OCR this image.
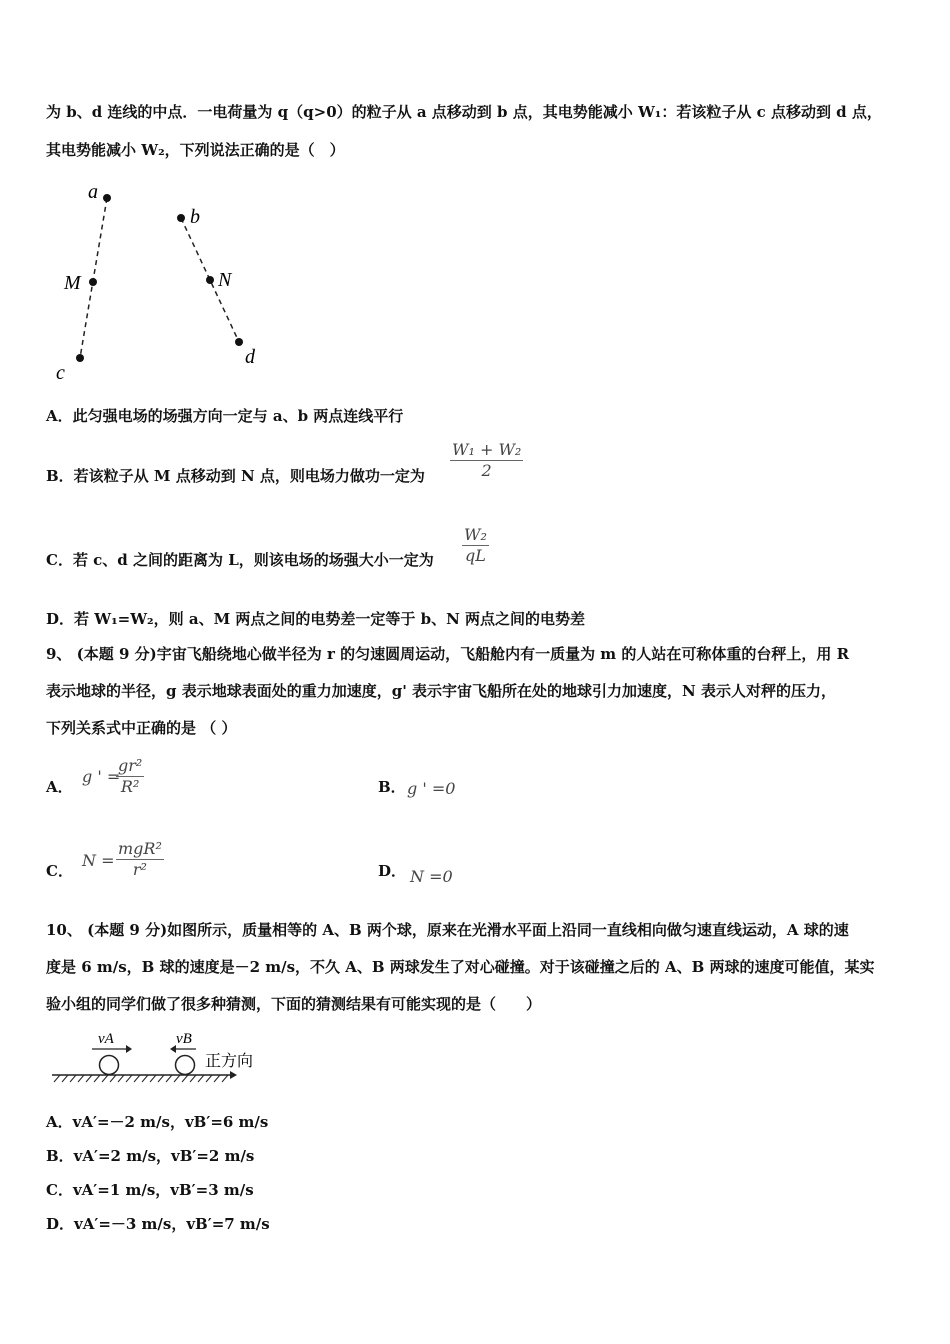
为 b、d 连线的中点．一电荷量为 q（q>0）的粒子从 a 点移动到 b 点，其电势能减小 W₁：若该粒子从 c 点移动到 d 点，
其电势能减小 W₂，下列说法正确的是（　）
a
M
c
b
N
d
A．此匀强电场的场强方向一定与 a、b 两点连线平行
B．若该粒子从 M 点移动到 N 点，则电场力做功一定为 $\frac{\text{W₁ + W₂}}{2}$
C．若 c、d 之间的距离为 L，则该电场的场强大小一定为 $\frac{\text{W₂}}{qL}$
D．若 W₁=W₂，则 a、M 两点之间的电势差一定等于 b、N 两点之间的电势差
9、 (本题 9 分)宇宙飞船绕地心做半径为 r 的匀速圆周运动，飞船舱内有一质量为 m 的人站在可称体重的台秤上，用 R
表示地球的半径，g 表示地球表面处的重力加速度，g' 表示宇宙飞船所在处的地球引力加速度，N 表示人对秤的压力，
下列关系式中正确的是 （ ）
A．
g ' =
$\frac{\text{gr²}}{\text{R²}}$	B． g ' =0
C．
N =
mgR²
r²	D． N =0
10、 (本题 9 分)如图所示，质量相等的 A、B 两个球，原来在光滑水平面上沿同一直线相向做匀速直线运动，A 球的速
度是 6 m/s，B 球的速度是－2 m/s，不久 A、B 两球发生了对心碰撞。对于该碰撞之后的 A、B 两球的速度可能值，某实
验小组的同学们做了很多种猜测，下面的猜测结果有可能实现的是（　　）
vA	vB
正方向
A．vA′=－2 m/s，vB′=6 m/s
B．vA′=2 m/s，vB′=2 m/s
C．vA′=1 m/s，vB′=3 m/s
D．vA′=－3 m/s，vB′=7 m/s
